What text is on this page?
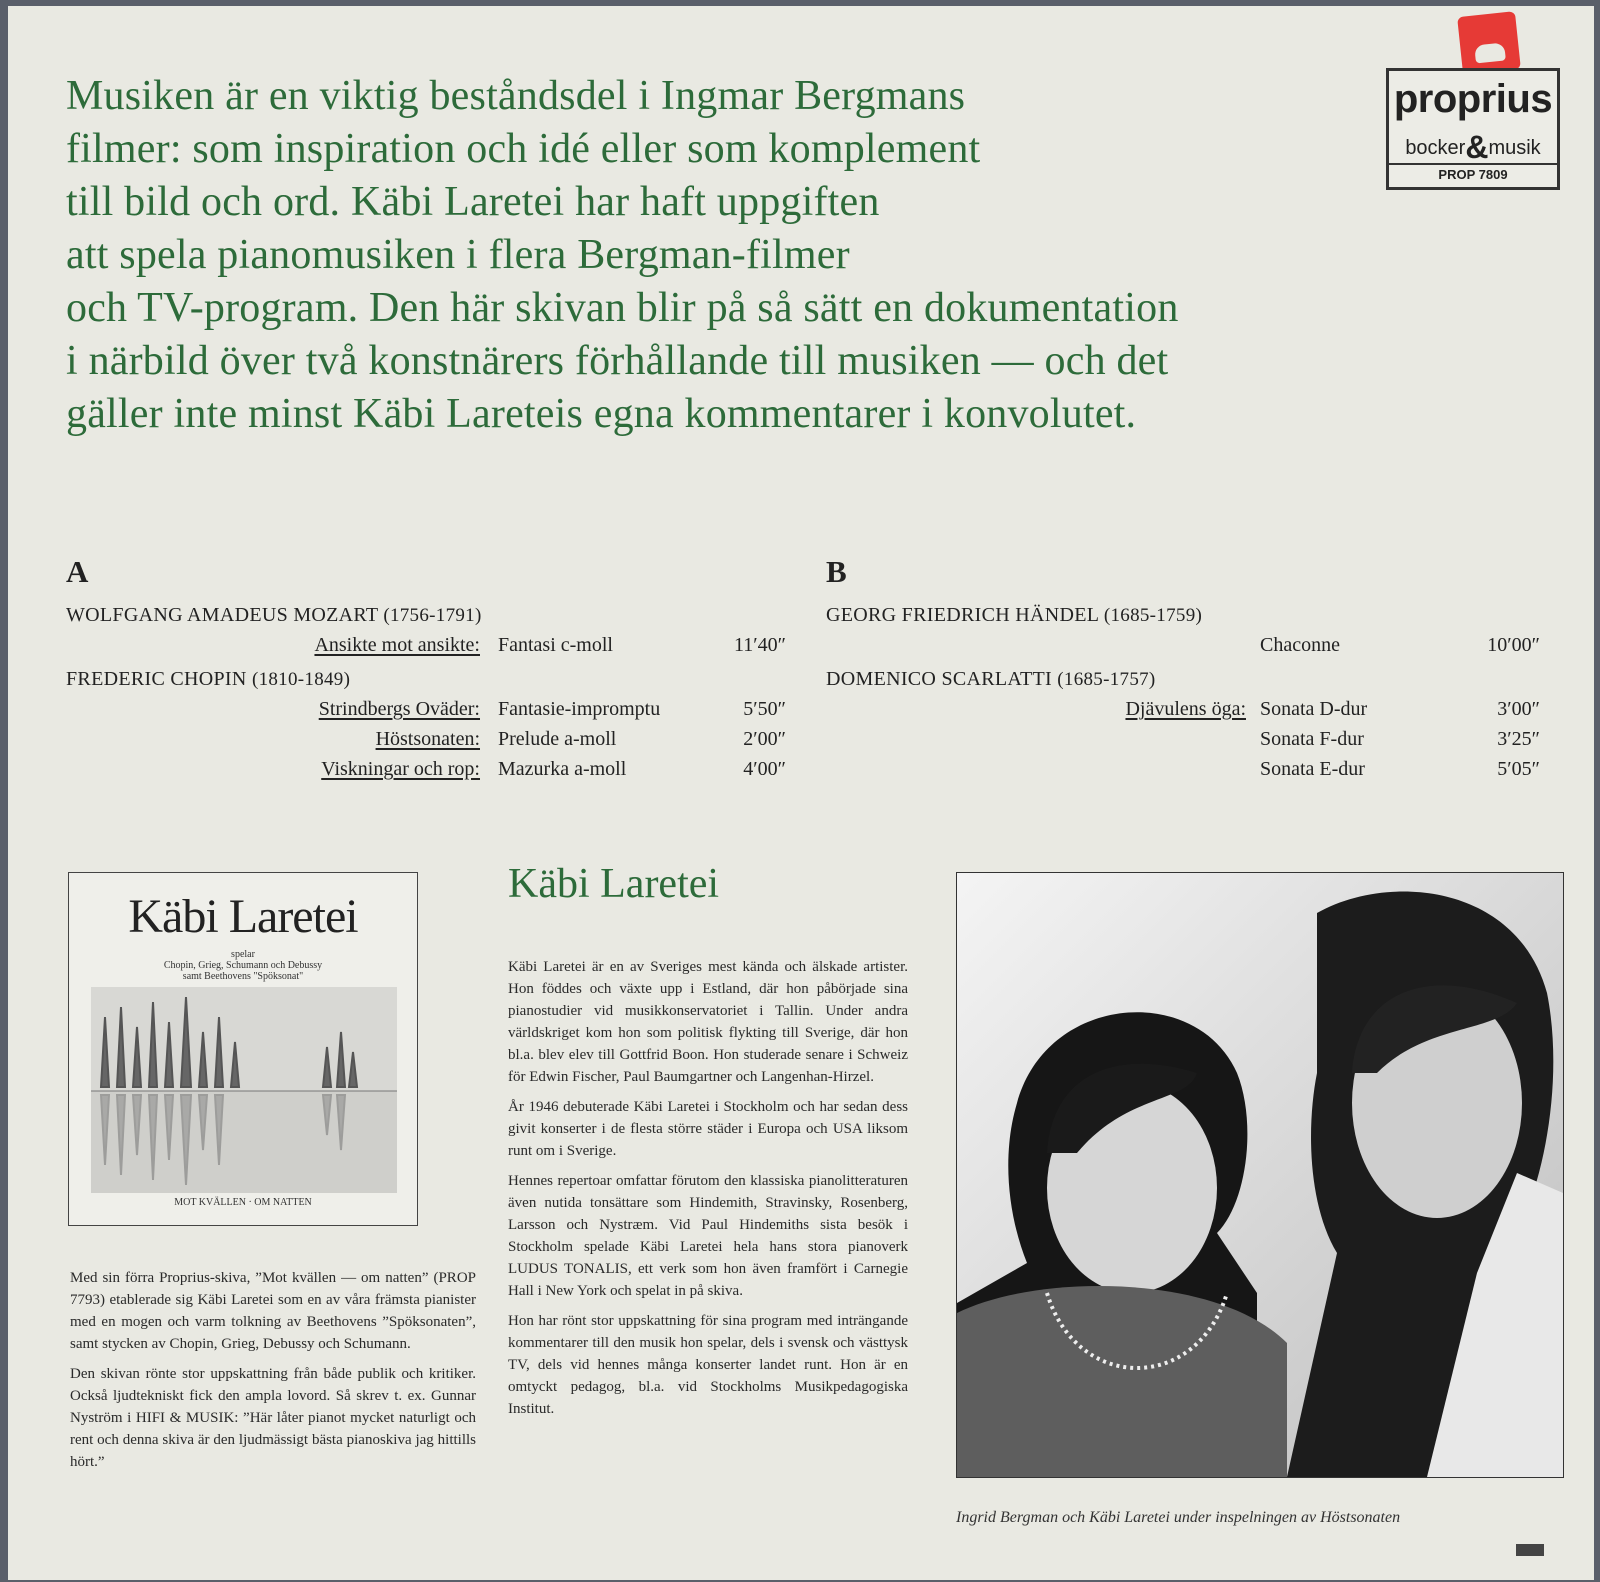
Musiken är en viktig beståndsdel i Ingmar Bergmans
filmer: som inspiration och idé eller som komplement
till bild och ord. Käbi Laretei har haft uppgiften
att spela pianomusiken i flera Bergman-filmer
och TV-program. Den här skivan blir på så sätt en dokumentation
i närbild över två konstnärers förhållande till musiken — och det
gäller inte minst Käbi Lareteis egna kommentarer i konvolutet.
proprius
bocker&musik
PROP 7809
A
WOLFGANG AMADEUS MOZART (1756-1791)
Ansikte mot ansikte: Fantasi c-moll	11′40″
FREDERIC CHOPIN (1810-1849)
Strindbergs Oväder: Fantasie-impromptu	5′50″
Höstsonaten: Prelude a-moll	2′00″
Viskningar och rop: Mazurka a-moll	4′00″
B
GEORG FRIEDRICH HÄNDEL (1685-1759)
Chaconne	10′00″
DOMENICO SCARLATTI (1685-1757)
Djävulens öga: Sonata D-dur	3′00″
Sonata F-dur	3′25″
Sonata E-dur	5′05″
Käbi Laretei
spelar
Chopin, Grieg, Schumann och Debussy
samt Beethovens "Spöksonat"
MOT KVÄLLEN · OM NATTEN

Med sin förra Proprius-skiva, ”Mot kvällen — om natten” (PROP 7793) etablerade sig Käbi Laretei som en av våra främsta pianister med en mogen och varm tolkning av Beethovens ”Spöksonaten”, samt stycken av Chopin, Grieg, Debussy och Schumann.

Den skivan rönte stor uppskattning från både publik och kritiker. Också ljudtekniskt fick den ampla lovord. Så skrev t. ex. Gunnar Nyström i HIFI & MUSIK: ”Här låter pianot mycket naturligt och rent och denna skiva är den ljudmässigt bästa pianoskiva jag hittills hört.”

Käbi Laretei

Käbi Laretei är en av Sveriges mest kända och älskade artister. Hon föddes och växte upp i Estland, där hon påbörjade sina pianostudier vid musikkonservatoriet i Tallin. Under andra världskriget kom hon som politisk flykting till Sverige, där hon bl.a. blev elev till Gottfrid Boon. Hon studerade senare i Schweiz för Edwin Fischer, Paul Baumgartner och Langenhan-Hirzel.

År 1946 debuterade Käbi Laretei i Stockholm och har sedan dess givit konserter i de flesta större städer i Europa och USA liksom runt om i Sverige.

Hennes repertoar omfattar förutom den klassiska pianolitteraturen även nutida tonsättare som Hindemith, Stravinsky, Rosenberg, Larsson och Nystræm. Vid Paul Hindemiths sista besök i Stockholm spelade Käbi Laretei hela hans stora pianoverk LUDUS TONALIS, ett verk som hon även framfört i Carnegie Hall i New York och spelat in på skiva.

Hon har rönt stor uppskattning för sina program med inträngande kommentarer till den musik hon spelar, dels i svensk och västtysk TV, dels vid hennes många konserter landet runt. Hon är en omtyckt pedagog, bl.a. vid Stockholms Musikpedagogiska Institut.

Ingrid Bergman och Käbi Laretei under inspelningen av Höstsonaten
